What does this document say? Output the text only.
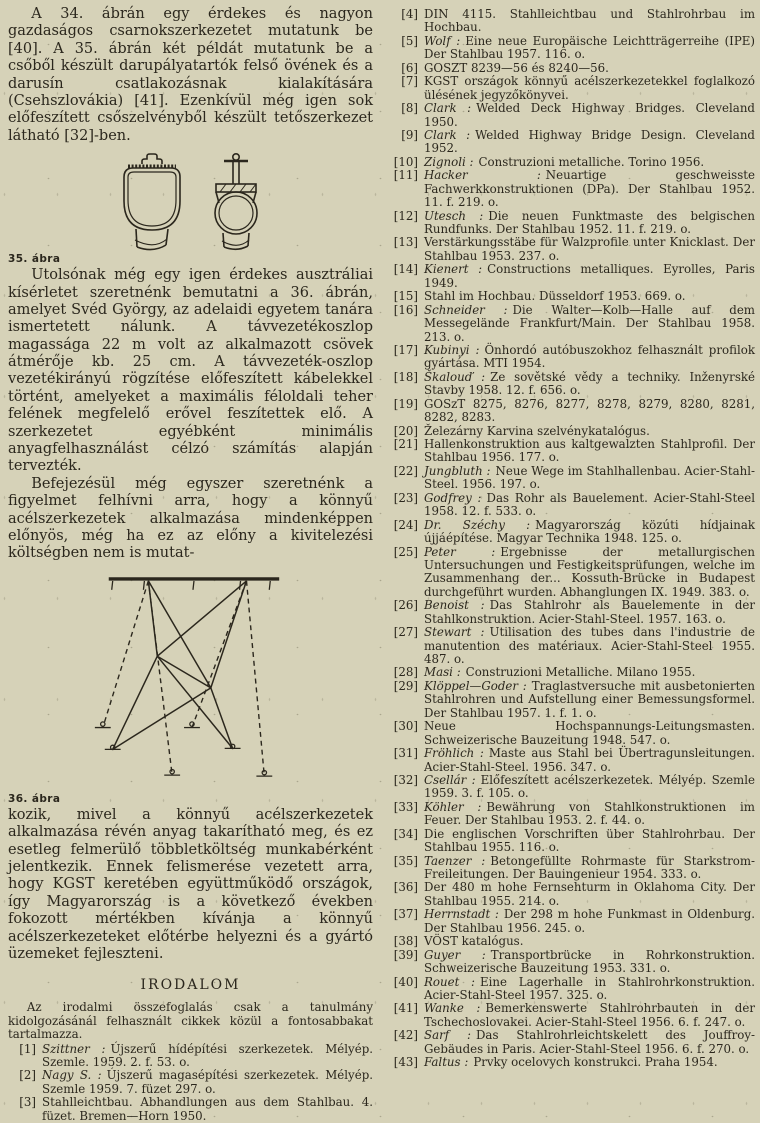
A 34. ábrán egy érdekes és nagyon gazdaságos csarnokszerkezetet mutatunk be [40]. A 35. ábrán két példát mutatunk be a csőből készült darupályatartók felső övének és a darusín csatlakozásnak kialakítására (Csehszlovákia) [41]. Ezenkívül még igen sok előfeszített csőszelvényből készült tetőszerkezet látható [32]-ben.

35. ábra

Utolsónak még egy igen érdekes ausztráliai kísérletet szeretnénk bemutatni a 36. ábrán, amelyet Svéd György, az adelaidi egyetem tanára ismertetett nálunk. A távvezetékoszlop magassága 22 m volt az alkalmazott csövek átmérője kb. 25 cm. A távvezeték-oszlop vezetékirányú rögzítése előfeszített kábelekkel történt, amelyeket a maximális féloldali teher felének megfelelő erővel feszítettek elő. A szerkezetet egyébként minimális anyagfelhasználást célzó számítás alapján tervezték.

Befejezésül még egyszer szeretnénk a figyelmet felhívni arra, hogy a könnyű acélszerkezetek alkalmazása mindenképpen előnyös, még ha ez az előny a kivitelezési költségben nem is mutat-

36. ábra

kozik, mivel a könnyű acélszerkezetek alkalmazása révén anyag takarítható meg, és ez esetleg felmerülő többletköltség munkabérként jelentkezik. Ennek felismerése vezetett arra, hogy KGST keretében együttműködő országok, így Magyarország is a következő években fokozott mértékben kívánja a könnyű acélszerkezeteket előtérbe helyezni és a gyártó üzemeket fejleszteni.

IRODALOM

Az irodalmi összefoglalás csak a tanulmány kidolgozásánál felhasznált cikkek közül a fontosabbakat tartalmazza.

[1] Szittner : Újszerű hídépítési szerkezetek. Mélyép. Szemle. 1959. 2. f. 53. o.
[2] Nagy S. : Újszerű magasépítési szerkezetek. Mélyép. Szemle 1959. 7. füzet 297. o.
[3] Stahlleichtbau. Abhandlungen aus dem Stahlbau. 4. füzet. Bremen—Horn 1950.
[4] DIN 4115. Stahlleichtbau und Stahlrohrbau im Hochbau.
[5] Wolf : Eine neue Europäische Leichtträgerreihe (IPE) Der Stahlbau 1957. 116. o.
[6] GOSZT 8239—56 és 8240—56.
[7] KGST országok könnyű acélszerkezetekkel foglalkozó ülésének jegyzőkönyvei.
[8] Clark : Welded Deck Highway Bridges. Cleveland 1950.
[9] Clark : Welded Highway Bridge Design. Cleveland 1952.
[10] Zignoli : Construzioni metalliche. Torino 1956.
[11] Hacker : Neuartige geschweisste Fachwerkkonstruktionen (DPa). Der Stahlbau 1952. 11. f. 219. o.
[12] Utesch : Die neuen Funktmaste des belgischen Rundfunks. Der Stahlbau 1952. 11. f. 219. o.
[13] Verstärkungsstäbe für Walzprofile unter Knicklast. Der Stahlbau 1953. 237. o.
[14] Kienert : Constructions metalliques. Eyrolles, Paris 1949.
[15] Stahl im Hochbau. Düsseldorf 1953. 669. o.
[16] Schneider : Die Walter—Kolb—Halle auf dem Messegelände Frankfurt/Main. Der Stahlbau 1958. 213. o.
[17] Kubinyi : Önhordó autóbuszokhoz felhasznált profilok gyártása. MTI 1954.
[18] Škalouď : Ze sovětské vědy a techniky. Inženyrské Stavby 1958. 12. f. 656. o.
[19] GOSzT 8275, 8276, 8277, 8278, 8279, 8280, 8281, 8282, 8283.
[20] Železárny Karvina szelvénykatalógus.
[21] Hallenkonstruktion aus kaltgewalzten Stahlprofil. Der Stahlbau 1956. 177. o.
[22] Jungbluth : Neue Wege im Stahlhallenbau. Acier-Stahl-Steel. 1956. 197. o.
[23] Godfrey : Das Rohr als Bauelement. Acier-Stahl-Steel 1958. 12. f. 533. o.
[24] Dr. Széchy : Magyarország közúti hídjainak újjáépítése. Magyar Technika 1948. 125. o.
[25] Peter : Ergebnisse der metallurgischen Untersuchungen und Festigkeitsprüfungen, welche im Zusammenhang der... Kossuth-Brücke in Budapest durchgeführt wurden. Abhanglungen IX. 1949. 383. o.
[26] Benoist : Das Stahlrohr als Bauelemente in der Stahlkonstruktion. Acier-Stahl-Steel. 1957. 163. o.
[27] Stewart : Utilisation des tubes dans l'industrie de manutention des matériaux. Acier-Stahl-Steel 1955. 487. o.
[28] Masi : Construzioni Metalliche. Milano 1955.
[29] Klöppel—Goder : Traglastversuche mit ausbetonierten Stahlrohren und Aufstellung einer Bemessungsformel. Der Stahlbau 1957. 1. f. 1. o.
[30] Neue Hochspannungs-Leitungsmasten. Schweizerische Bauzeitung 1948. 547. o.
[31] Fröhlich : Maste aus Stahl bei Übertragunsleitungen. Acier-Stahl-Steel. 1956. 347. o.
[32] Csellár : Előfeszített acélszerkezetek. Mélyép. Szemle 1959. 3. f. 105. o.
[33] Köhler : Bewährung von Stahlkonstruktionen im Feuer. Der Stahlbau 1953. 2. f. 44. o.
[34] Die englischen Vorschriften über Stahlrohrbau. Der Stahlbau 1955. 116. o.
[35] Taenzer : Betongefüllte Rohrmaste für Starkstrom-Freileitungen. Der Bauingenieur 1954. 333. o.
[36] Der 480 m hohe Fernsehturm in Oklahoma City. Der Stahlbau 1955. 214. o.
[37] Herrnstadt : Der 298 m hohe Funkmast in Oldenburg. Der Stahlbau 1956. 245. o.
[38] VÖST katalógus.
[39] Guyer : Transportbrücke in Rohrkonstruktion. Schweizerische Bauzeitung 1953. 331. o.
[40] Rouet : Eine Lagerhalle in Stahlrohrkonstruktion. Acier-Stahl-Steel 1957. 325. o.
[41] Wanke : Bemerkenswerte Stahlrohrbauten in der Tschechoslovakei. Acier-Stahl-Steel 1956. 6. f. 247. o.
[42] Sarf : Das Stahlrohrleichtskelett des Jouffroy-Gebäudes in Paris. Acier-Stahl-Steel 1956. 6. f. 270. o.
[43] Faltus : Prvky ocelovych konstrukci. Praha 1954.
